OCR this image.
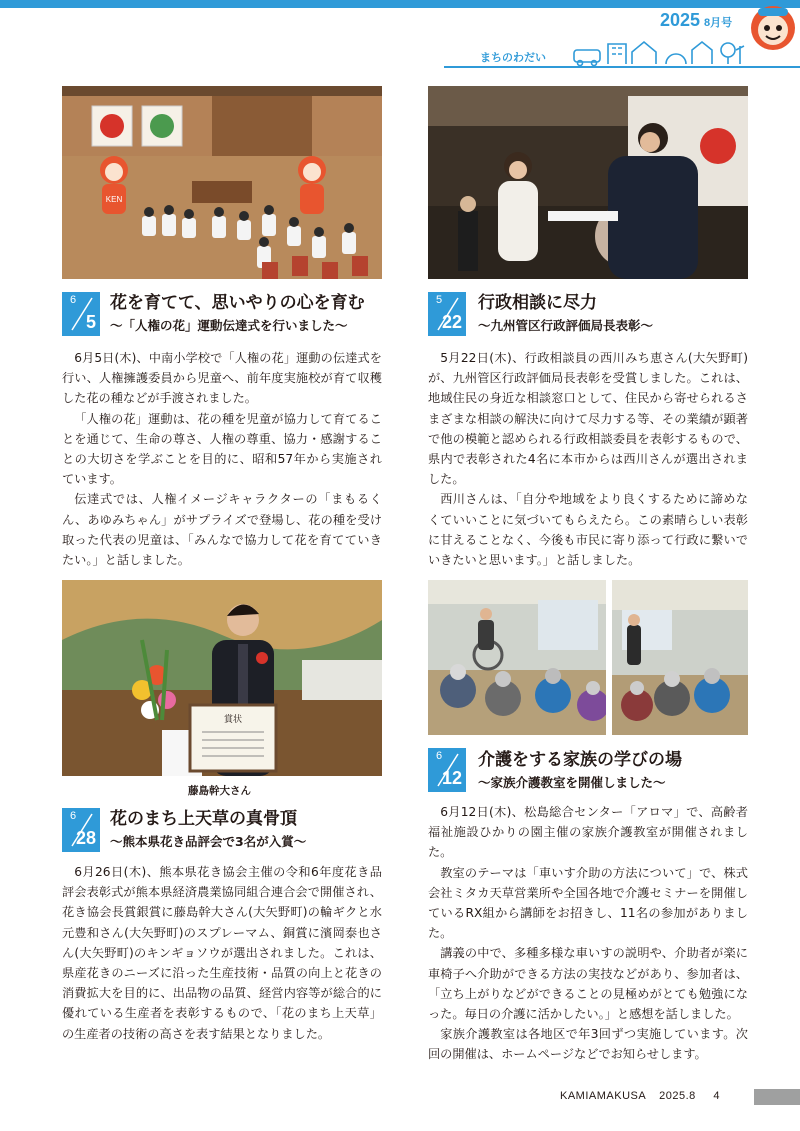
2025 8月号
まちのわだい
KEN
6
5
花を育てて、思いやりの心を育む
〜「人権の花」運動伝達式を行いました〜

6月5日(木)、中南小学校で「人権の花」運動の伝達式を行い、人権擁護委員から児童へ、前年度実施校が育て収穫した花の種などが手渡されました。

「人権の花」運動は、花の種を児童が協力して育てることを通じて、生命の尊さ、人権の尊重、協力・感謝することの大切さを学ぶことを目的に、昭和57年から実施されています。

伝達式では、人権イメージキャラクターの「まもるくん、あゆみちゃん」がサプライズで登場し、花の種を受け取った代表の児童は、「みんなで協力して花を育てていきたい。」と話しました。

5
22
行政相談に尽力
〜九州管区行政評価局長表彰〜

5月22日(木)、行政相談員の西川みち恵さん(大矢野町)が、九州管区行政評価局長表彰を受賞しました。これは、地域住民の身近な相談窓口として、住民から寄せられるさまざまな相談の解決に向けて尽力する等、その業績が顕著で他の模範と認められる行政相談委員を表彰するもので、県内で表彰された4名に本市からは西川さんが選出されました。

西川さんは、「自分や地域をより良くするために諦めなくていいことに気づいてもらえたら。この素晴らしい表彰に甘えることなく、今後も市民に寄り添って行政に繋いでいきたいと思います。」と話しました。

賞状
藤島幹大さん
6
12
介護をする家族の学びの場
〜家族介護教室を開催しました〜

6月12日(木)、松島総合センター「アロマ」で、高齢者福祉施設ひかりの園主催の家族介護教室が開催されました。

教室のテーマは「車いす介助の方法について」で、株式会社ミタカ天草営業所や全国各地で介護セミナーを開催しているRX組から講師をお招きし、11名の参加がありました。

講義の中で、多種多様な車いすの説明や、介助者が楽に車椅子へ介助ができる方法の実技などがあり、参加者は、「立ち上がりなどができることの見極めがとても勉強になった。毎日の介護に活かしたい。」と感想を話しました。

家族介護教室は各地区で年3回ずつ実施しています。次回の開催は、ホームページなどでお知らせします。

6
28
花のまち上天草の真骨頂
〜熊本県花き品評会で3名が入賞〜

6月26日(木)、熊本県花き協会主催の令和6年度花き品評会表彰式が熊本県経済農業協同組合連合会で開催され、花き協会長賞銀賞に藤島幹大さん(大矢野町)の輪ギクと水元豊和さん(大矢野町)のスプレーマム、銅賞に濱岡泰也さん(大矢野町)のキンギョソウが選出されました。これは、県産花きのニーズに沿った生産技術・品質の向上と花きの消費拡大を目的に、出品物の品質、経営内容等が総合的に優れている生産者を表彰するもので、「花のまち上天草」の生産者の技術の高さを表す結果となりました。

KAMIAMAKUSA 2025.8 4
